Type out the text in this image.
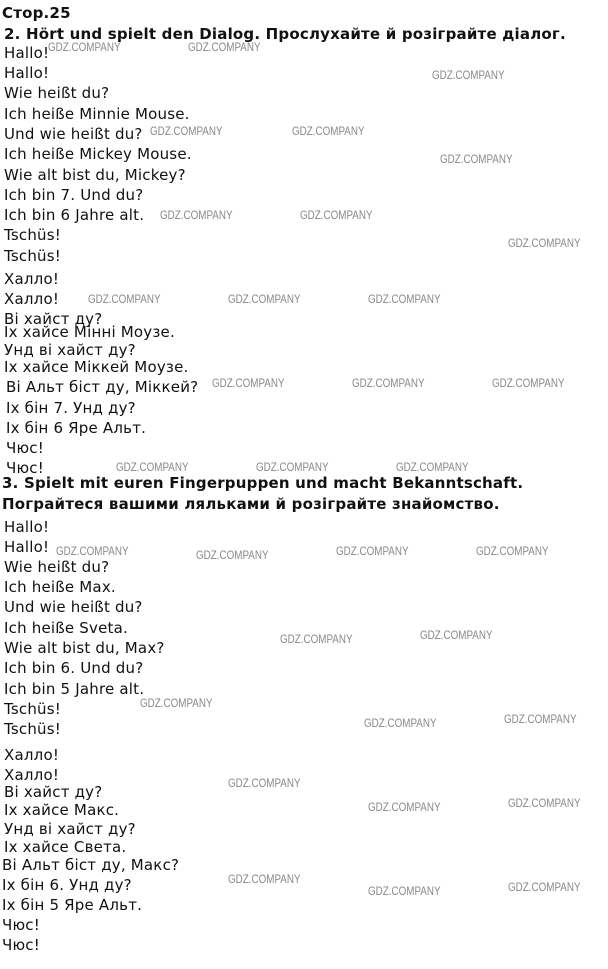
Стор.25
2. Hört und spielt den Dialog. Прослухайте й розіграйте діалог.
Hallo!
Hallo!
Wie heißt du?
Ich heiße Minnie Mouse.
Und wie heißt du?
Ich heiße Mickey Mouse.
Wie alt bist du, Mickey?
Ich bin 7. Und du?
Ich bin 6 Jahre alt.
Tschüs!
Tschüs!
Халло!
Халло!
Ві хайст ду?
Іх хайсе Мінні Моузе.
Унд ві хайст ду?
Іх хайсе Міккей Моузе.
Ві Альт біст ду, Міккей?
Іх бін 7. Унд ду?
Іх бін 6 Яре Альт.
Чюс!
Чюс!
3. Spielt mit euren Fingerpuppen und macht Bekanntschaft.
Пограйтеся вашими ляльками й розіграйте знайомство.
Hallo!
Hallo!
Wie heißt du?
Ich heiße Max.
Und wie heißt du?
Ich heiße Sveta.
Wie alt bist du, Max?
Ich bin 6. Und du?
Ich bin 5 Jahre alt.
Tschüs!
Tschüs!
Халло!
Халло!
Ві хайст ду?
Іх хайсе Макс.
Унд ві хайст ду?
Іх хайсе Света.
Ві Альт біст ду, Макс?
Іх бін 6. Унд ду?
Іх бін 5 Яре Альт.
Чюс!
Чюс!
GDZ.COMPANY	GDZ.COMPANY
GDZ.COMPANY
GDZ.COMPANY	GDZ.COMPANY
GDZ.COMPANY
GDZ.COMPANY	GDZ.COMPANY
GDZ.COMPANY
GDZ.COMPANY	GDZ.COMPANY	GDZ.COMPANY
GDZ.COMPANY	GDZ.COMPANY	GDZ.COMPANY
GDZ.COMPANY	GDZ.COMPANY	GDZ.COMPANY
GDZ.COMPANY	GDZ.COMPANY	GDZ.COMPANY	GDZ.COMPANY
GDZ.COMPANY	GDZ.COMPANY
GDZ.COMPANY
GDZ.COMPANY	GDZ.COMPANY
GDZ.COMPANY
GDZ.COMPANY	GDZ.COMPANY
GDZ.COMPANY
GDZ.COMPANY	GDZ.COMPANY
